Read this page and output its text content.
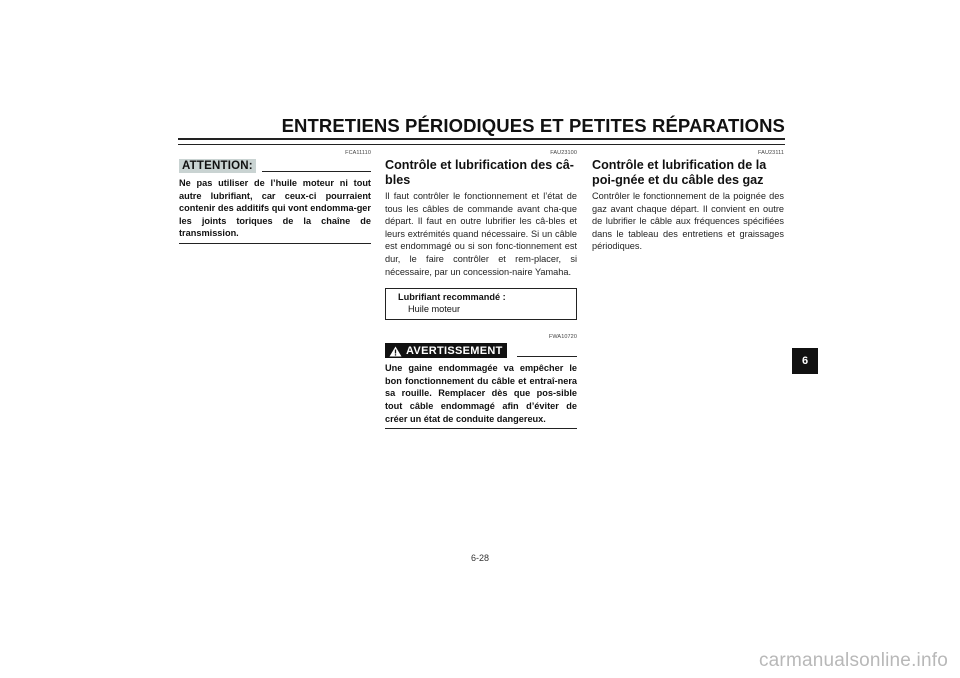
ENTRETIENS PÉRIODIQUES ET PETITES RÉPARATIONS
FCA11110
ATTENTION:
Ne pas utiliser de l’huile moteur ni tout autre lubrifiant, car ceux-ci pourraient contenir des additifs qui vont endomma-ger les joints toriques de la chaîne de transmission.
FAU23100
Contrôle et lubrification des câ-bles
Il faut contrôler le fonctionnement et l’état de tous les câbles de commande avant cha-que départ. Il faut en outre lubrifier les câ-bles et leurs extrémités quand nécessaire. Si un câble est endommagé ou si son fonc-tionnement est dur, le faire contrôler et rem-placer, si nécessaire, par un concession-naire Yamaha.
Lubrifiant recommandé :
Huile moteur
FWA10720
AVERTISSEMENT
Une gaine endommagée va empêcher le bon fonctionnement du câble et entraî-nera sa rouille. Remplacer dès que pos-sible tout câble endommagé afin d’éviter de créer un état de conduite dangereux.
FAU23111
Contrôle et lubrification de la poi-gnée et du câble des gaz
Contrôler le fonctionnement de la poignée des gaz avant chaque départ. Il convient en outre de lubrifier le câble aux fréquences spécifiées dans le tableau des entretiens et graissages périodiques.
6
6-28
carmanualsonline.info
